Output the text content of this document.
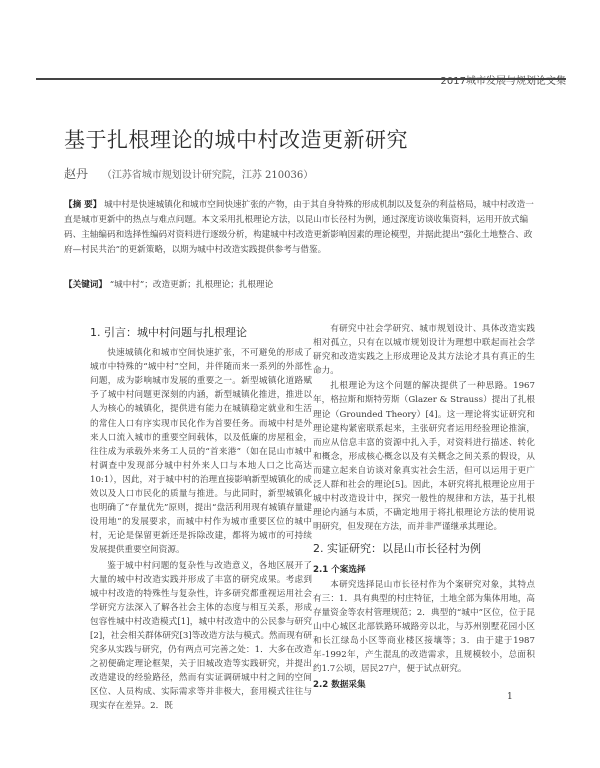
2017城市发展与规划论文集
基于扎根理论的城中村改造更新研究
赵丹 （江苏省城市规划设计研究院，江苏 210036）
【摘 要】 城中村是快速城镇化和城市空间快速扩张的产物，由于其自身特殊的形成机制以及复杂的利益格局，城中村改造一直是城市更新中的热点与难点问题。本文采用扎根理论方法，以昆山市长径村为例，通过深度访谈收集资料，运用开放式编码、主轴编码和选择性编码对资料进行逐级分析，构建城中村改造更新影响因素的理论模型，并据此提出“强化土地整合、政府—村民共治”的更新策略，以期为城中村改造实践提供参考与借鉴。
【关键词】 “城中村”；改造更新；扎根理论；扎根理论
1. 引言：城中村问题与扎根理论

快速城镇化和城市空间快速扩张，不可避免的形成了城市中特殊的“城中村”空间，并伴随而来一系列的外部性问题，成为影响城市发展的重要之一。新型城镇化道路赋予了城中村问题更深刻的内涵，新型城镇化推进，推进以人为核心的城镇化，提供进有能力在城镇稳定就业和生活的常住人口有序实现市民化作为首要任务。而城中村是外来人口流入城市的重要空间载体，以及低廉的房屋租金，往往成为承载外来务工人员的“首来港”（如在昆山市城中村调查中发现部分城中村外来人口与本地人口之比高达10:1），因此，对于城中村的治理直接影响新型城镇化的成效以及人口市民化的质量与推进。与此同时，新型城镇化也明确了“存量优先”原则，提出“盘活利用现有城镇存量建设用地”的发展要求，而城中村作为城市重要区位的城中村，无论是保留更新还是拆除改建，都将为城市的可持续发展提供重要空间资源。

鉴于城中村问题的复杂性与改造意义，各地区展开了大量的城中村改造实践并形成了丰富的研究成果。考虑到城中村改造的特殊性与复杂性，许多研究都重视运用社会学研究方法深入了解各社会主体的态度与相互关系，形成包容性城中村改造模式[1]，城中村改造中的公民参与研究[2]，社会相关群体研究[3]等改造方法与模式。然而现有研究多从实践与研究，仍有两点可完善之处：1．大多在改造之初便确定理论框架，关于旧城改造等实践研究，并提出改造建设的经验路径，然而有实证调研城中村之间的空间区位、人员构成、实际需求等并非极大，套用模式往往与现实存在差异。2．既

有研究中社会学研究、城市规划设计、具体改造实践相对孤立，只有在以城市规划设计为理想中联起而社会学研究和改造实践之上形成理论及其方法论才具有真正的生命力。

扎根理论为这个问题的解决提供了一种思路。1967年，格拉斯和斯特劳斯（Glazer & Strauss）提出了扎根理论（Grounded Theory）[4]。这一理论将实证研究和理论建构紧密联系起来，主张研究者运用经验理论推演，而应从信息丰富的资源中扎入手，对资料进行描述、转化和概念，形成核心概念以及有关概念之间关系的假设，从而建立起来自访谈对象真实社会生活，但可以运用于更广泛人群和社会的理论[5]。因此，本研究将扎根理论应用于城中村改造设计中，探究一般性的规律和方法，基于扎根理论内涵与本质，不确定地用于将扎根理论方法的使用说明研究，但发现在方法，而并非严谨继承其理论。

2. 实证研究：以昆山市长径村为例
2.1 个案选择

本研究选择昆山市长径村作为个案研究对象，其特点有三：1．具有典型的村庄特征，土地全部为集体用地，高存量资金等农村管理规范；2．典型的“城中”区位，位于昆山中心城区北部铁路环城路旁以北，与苏州别墅花园小区和长江绿岛小区等商业楼区接壤等；3．由于建于1987年-1992年，产生混乱的改造需求，且规模较小，总面积约1.7公顷，居民27户，便于试点研究。

2.2 数据采集
1
